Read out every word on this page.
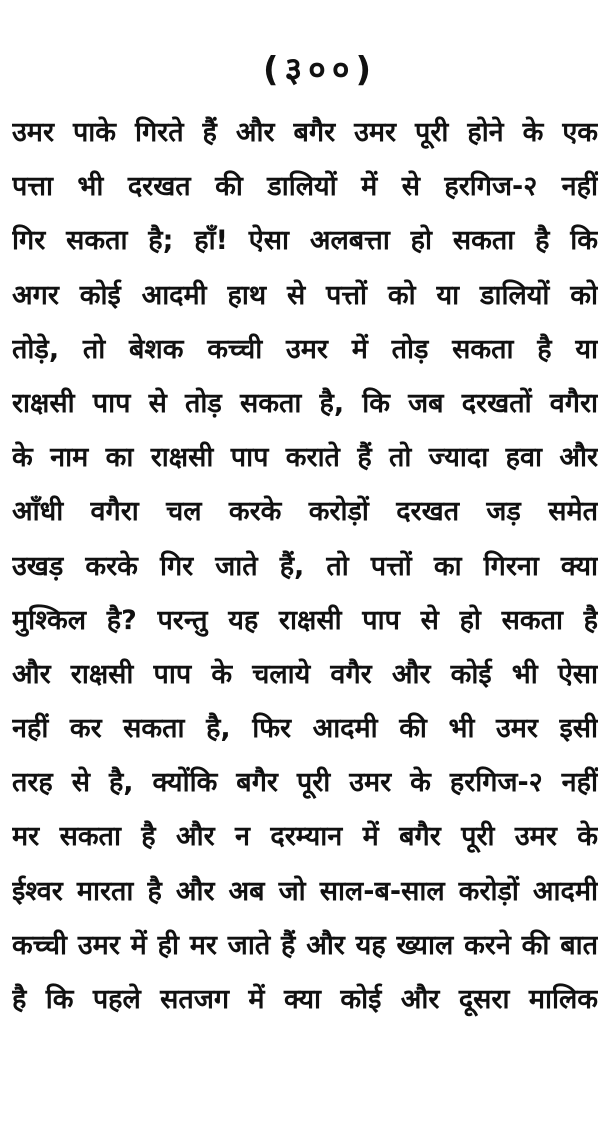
(३००)
उमर पाके गिरते हैं और बगैर उमर पूरी होने के एक
पत्ता भी दरखत की डालियों में से हरगिज-२ नहीं
गिर सकता है; हाँ! ऐसा अलबत्ता हो सकता है कि
अगर कोई आदमी हाथ से पत्तों को या डालियों को
तोड़े, तो बेशक कच्ची उमर में तोड़ सकता है या
राक्षसी पाप से तोड़ सकता है, कि जब दरखतों वगैरा
के नाम का राक्षसी पाप कराते हैं तो ज्यादा हवा और
आँधी वगैरा चल करके करोड़ों दरखत जड़ समेत
उखड़ करके गिर जाते हैं, तो पत्तों का गिरना क्या
मुश्किल है? परन्तु यह राक्षसी पाप से हो सकता है
और राक्षसी पाप के चलाये वगैर और कोई भी ऐसा
नहीं कर सकता है, फिर आदमी की भी उमर इसी
तरह से है, क्योंकि बगैर पूरी उमर के हरगिज-२ नहीं
मर सकता है और न दरम्यान में बगैर पूरी उमर के
ईश्वर मारता है और अब जो साल-ब-साल करोड़ों आदमी
कच्ची उमर में ही मर जाते हैं और यह ख्याल करने की बात
है कि पहले सतजग में क्या कोई और दूसरा मालिक
